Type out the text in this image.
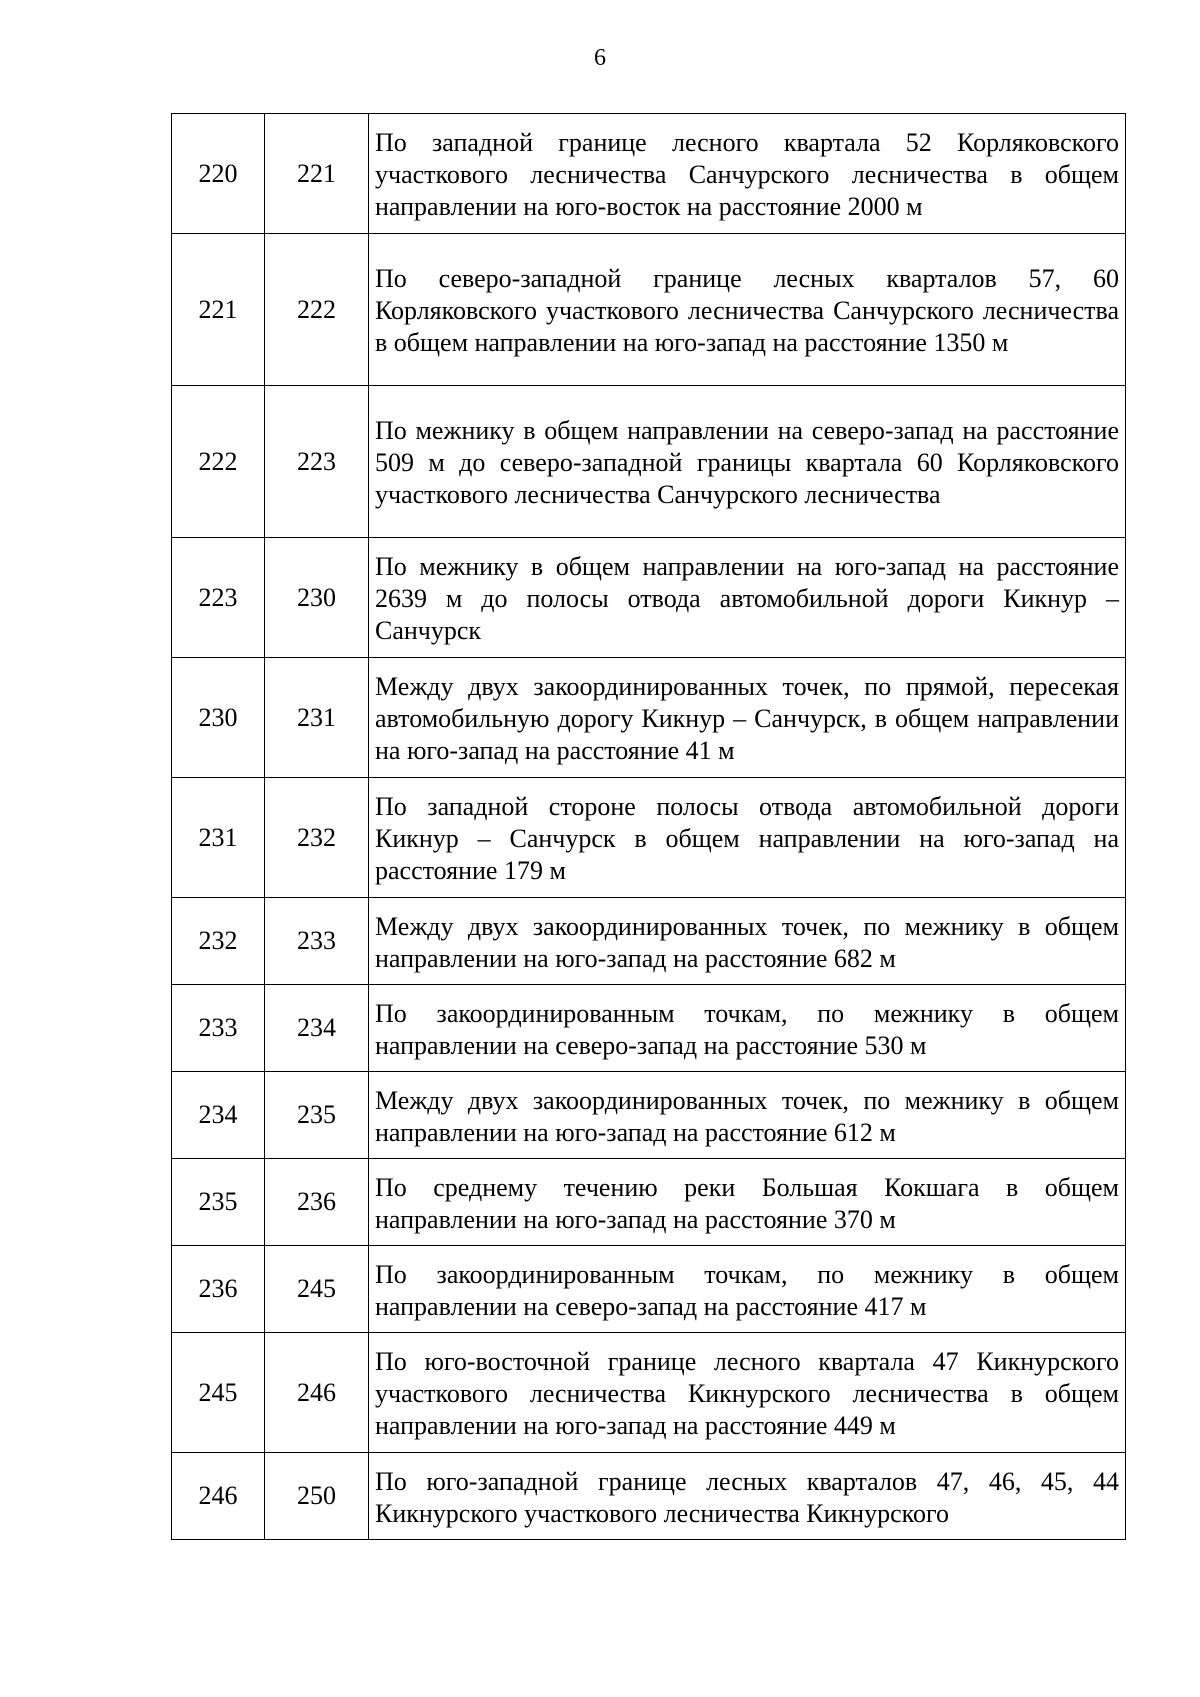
6
220	221	По западной границе лесного квартала 52 Корляковского участкового лесничества Санчурского лесничества в общем направлении на юго-восток на расстояние 2000 м
221	222	По северо-западной границе лесных кварталов 57, 60 Корляковского участкового лесничества Санчурского лесничества в общем направлении на юго-запад на расстояние 1350 м
222	223	По межнику в общем направлении на северо-запад на расстояние 509 м до северо-западной границы квартала 60 Корляковского участкового лесничества Санчурского лесничества
223	230	По межнику в общем направлении на юго-запад на расстояние 2639 м до полосы отвода автомобильной дороги Кикнур – Санчурск
230	231	Между двух закоординированных точек, по прямой, пересекая автомобильную дорогу Кикнур – Санчурск, в общем направлении на юго-запад на расстояние 41 м
231	232	По западной стороне полосы отвода автомобильной дороги Кикнур – Санчурск в общем направлении на юго-запад на расстояние 179 м
232	233	Между двух закоординированных точек, по межнику в общем направлении на юго-запад на расстояние 682 м
233	234	По закоординированным точкам, по межнику в общем направлении на северо-запад на расстояние 530 м
234	235	Между двух закоординированных точек, по межнику в общем направлении на юго-запад на расстояние 612 м
235	236	По среднему течению реки Большая Кокшага в общем направлении на юго-запад на расстояние 370 м
236	245	По закоординированным точкам, по межнику в общем направлении на северо-запад на расстояние 417 м
245	246	По юго-восточной границе лесного квартала 47 Кикнурского участкового лесничества Кикнурского лесничества в общем направлении на юго-запад на расстояние 449 м
246	250	По юго-западной границе лесных кварталов 47, 46, 45, 44 Кикнурского участкового лесничества Кикнурского
